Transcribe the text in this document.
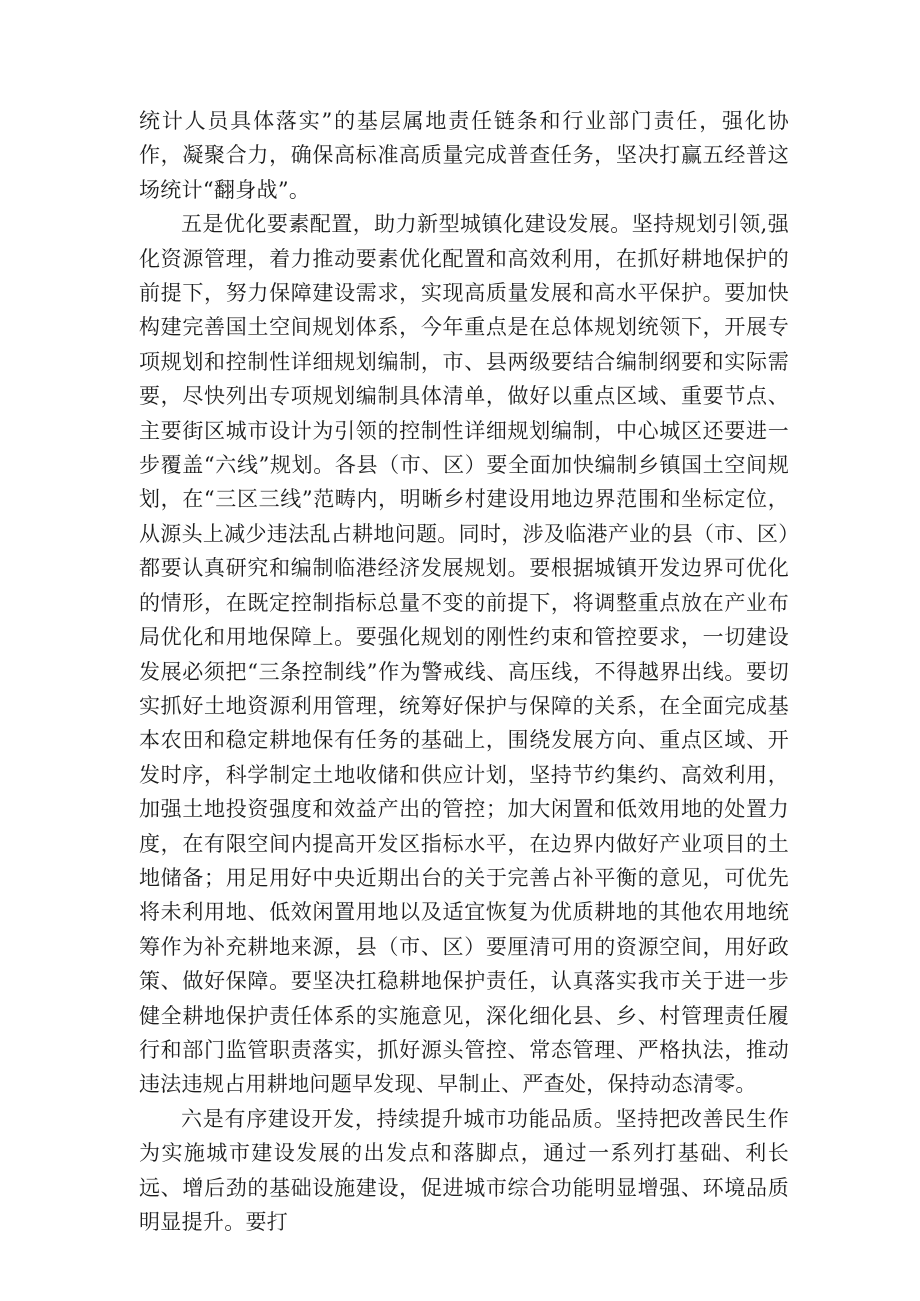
统计人员具体落实”的基层属地责任链条和行业部门责任，强化协作，凝聚合力，确保高标准高质量完成普查任务，坚决打赢五经普这场统计“翻身战”。

五是优化要素配置，助力新型城镇化建设发展。坚持规划引领,强化资源管理，着力推动要素优化配置和高效利用，在抓好耕地保护的前提下，努力保障建设需求，实现高质量发展和高水平保护。要加快构建完善国土空间规划体系，今年重点是在总体规划统领下，开展专项规划和控制性详细规划编制，市、县两级要结合编制纲要和实际需要，尽快列出专项规划编制具体清单，做好以重点区域、重要节点、主要街区城市设计为引领的控制性详细规划编制，中心城区还要进一步覆盖“六线”规划。各县（市、区）要全面加快编制乡镇国土空间规划，在“三区三线”范畴内，明晰乡村建设用地边界范围和坐标定位，从源头上减少违法乱占耕地问题。同时，涉及临港产业的县（市、区）都要认真研究和编制临港经济发展规划。要根据城镇开发边界可优化的情形，在既定控制指标总量不变的前提下，将调整重点放在产业布局优化和用地保障上。要强化规划的刚性约束和管控要求，一切建设发展必须把“三条控制线”作为警戒线、高压线，不得越界出线。要切实抓好土地资源利用管理，统筹好保护与保障的关系，在全面完成基本农田和稳定耕地保有任务的基础上，围绕发展方向、重点区域、开发时序，科学制定土地收储和供应计划，坚持节约集约、高效利用，加强土地投资强度和效益产出的管控；加大闲置和低效用地的处置力度，在有限空间内提高开发区指标水平，在边界内做好产业项目的土地储备；用足用好中央近期出台的关于完善占补平衡的意见，可优先将未利用地、低效闲置用地以及适宜恢复为优质耕地的其他农用地统筹作为补充耕地来源，县（市、区）要厘清可用的资源空间，用好政策、做好保障。要坚决扛稳耕地保护责任，认真落实我市关于进一步健全耕地保护责任体系的实施意见，深化细化县、乡、村管理责任履行和部门监管职责落实，抓好源头管控、常态管理、严格执法，推动违法违规占用耕地问题早发现、早制止、严查处，保持动态清零。

六是有序建设开发，持续提升城市功能品质。坚持把改善民生作为实施城市建设发展的出发点和落脚点，通过一系列打基础、利长远、增后劲的基础设施建设，促进城市综合功能明显增强、环境品质明显提升。要打
